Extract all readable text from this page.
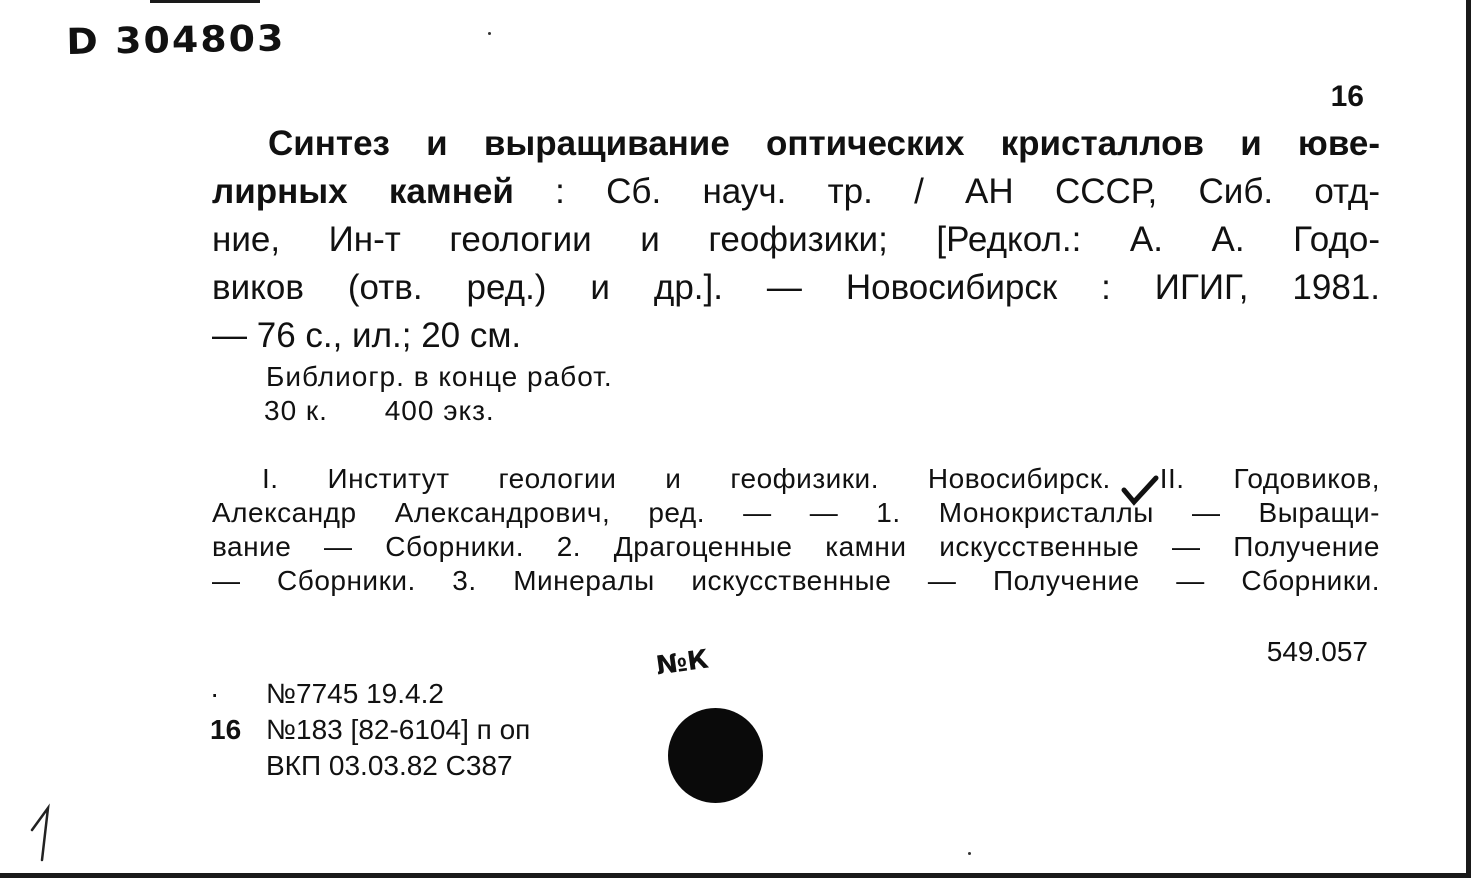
D 304803
16
Синтез и выращивание оптических кристаллов и юве-
лирных камней : Сб. науч. тр. / АН СССР, Сиб. отд-
ние, Ин-т геологии и геофизики; [Редкол.: А. А. Годо-
виков (отв. ред.) и др.]. — Новосибирск : ИГИГ, 1981.
— 76 с., ил.; 20 см.
Библиогр. в конце работ.
30 к. 400 экз.
I. Институт геологии и геофизики. Новосибирск. II. Годовиков,
Александр Александрович, ред. — — 1. Монокристаллы — Выращи-
вание — Сборники. 2. Драгоценные камни искусственные — Получение
— Сборники. 3. Минералы искусственные — Получение — Сборники.
549.057
· №7745 19.4.2
16 №183 [82-6104] п оп
ВКП 03.03.82 С387
№К
